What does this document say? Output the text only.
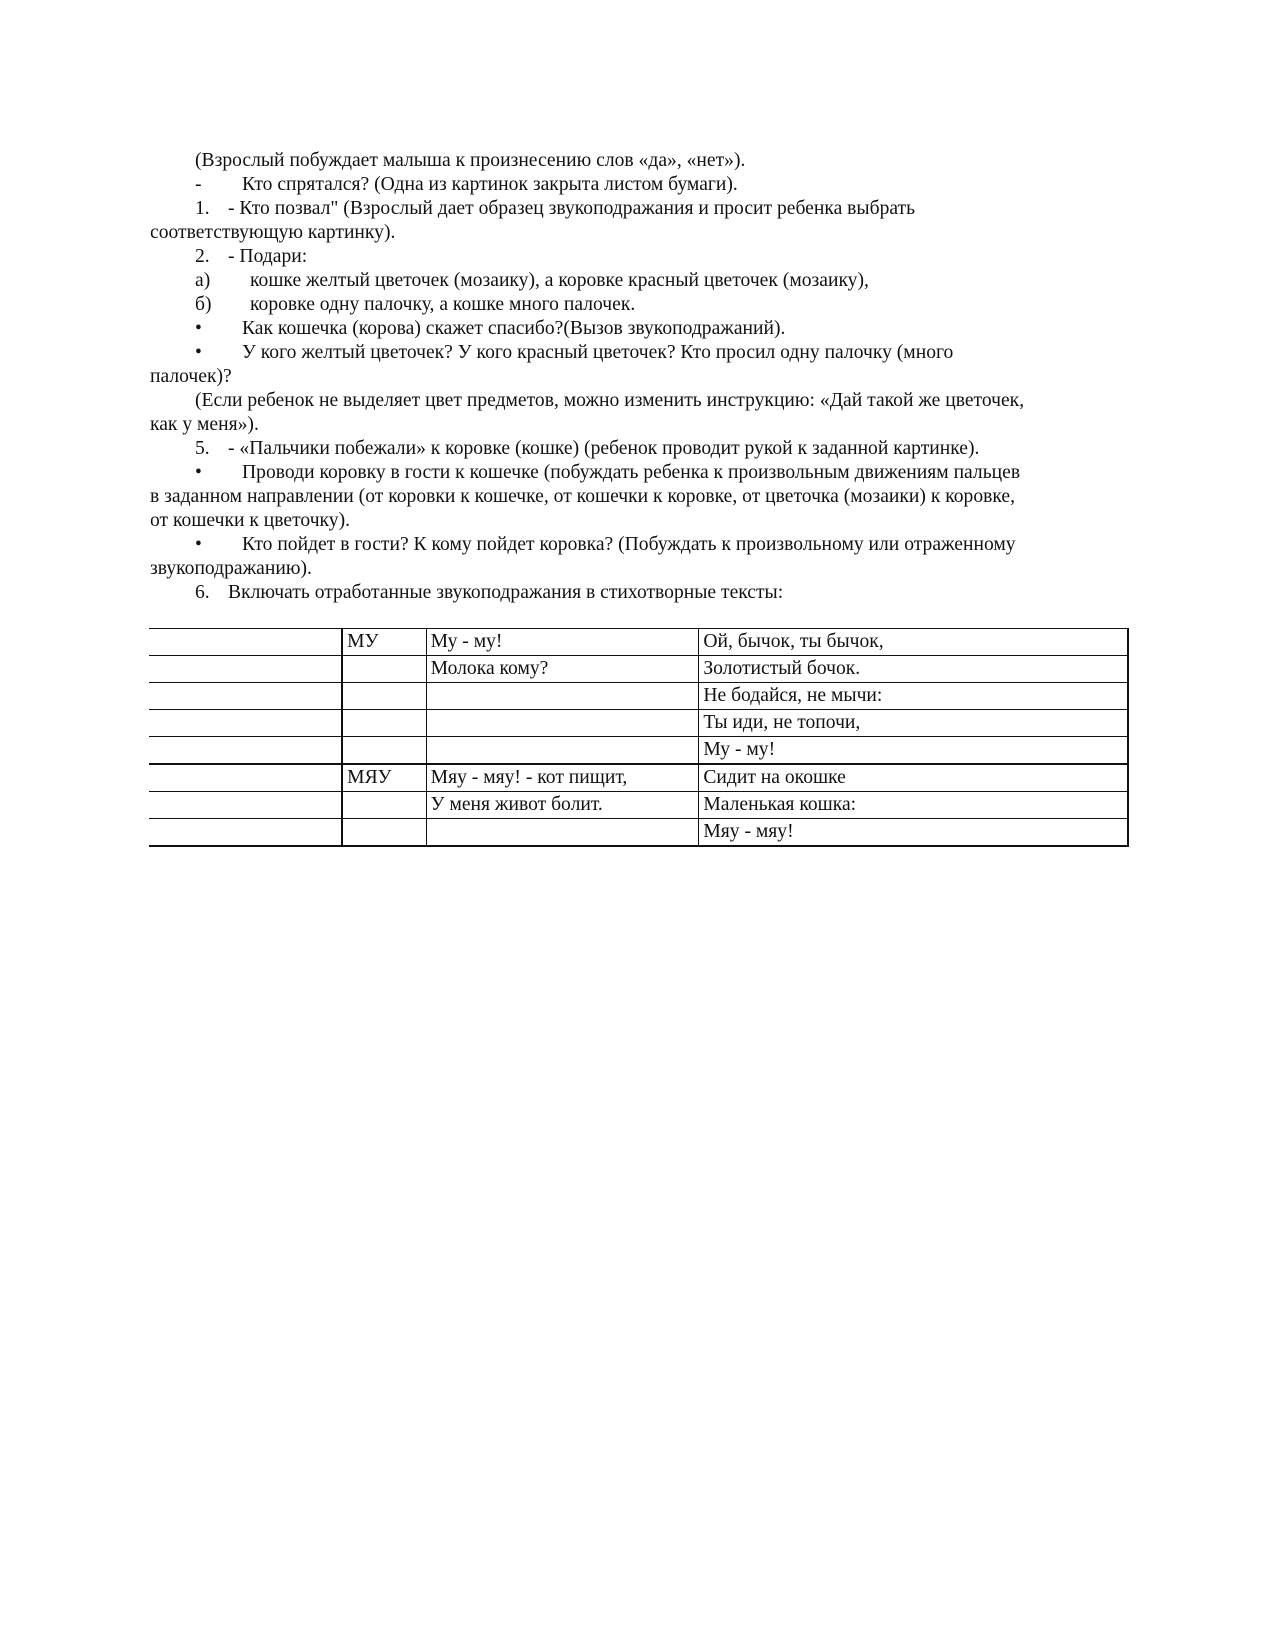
(Взрослый побуждает малыша к произнесению слов «да», «нет»).

- Кто спрятался? (Одна из картинок закрыта листом бумаги).

1. - Кто позвал" (Взрослый дает образец звукоподражания и просит ребенка выбрать

соответствующую картинку).

2. - Подари:

а) кошке желтый цветочек (мозаику), а коровке красный цветочек (мозаику),

б) коровке одну палочку, а кошке много палочек.

• Как кошечка (корова) скажет спасибо?(Вызов звукоподражаний).

• У кого желтый цветочек? У кого красный цветочек? Кто просил одну палочку (много

палочек)?

(Если ребенок не выделяет цвет предметов, можно изменить инструкцию: «Дай такой же цветочек,

как у меня»).

5. - «Пальчики побежали» к коровке (кошке) (ребенок проводит рукой к заданной картинке).

• Проводи коровку в гости к кошечке (побуждать ребенка к произвольным движениям пальцев

в заданном направлении (от коровки к кошечке, от кошечки к коровке, от цветочка (мозаики) к коровке,

от кошечки к цветочку).

• Кто пойдет в гости? К кому пойдет коровка? (Побуждать к произвольному или отраженному

звукоподражанию).

6. Включать отработанные звукоподражания в стихотворные тексты:

	МУ	Му - му!	Ой, бычок, ты бычок,
		Молока кому?	Золотистый бочок.
			Не бодайся, не мычи:
			Ты иди, не топочи,
			Му - му!
	МЯУ	Мяу - мяу! - кот пищит,	Сидит на окошке
		У меня живот болит.	Маленькая кошка:
			Мяу - мяу!
